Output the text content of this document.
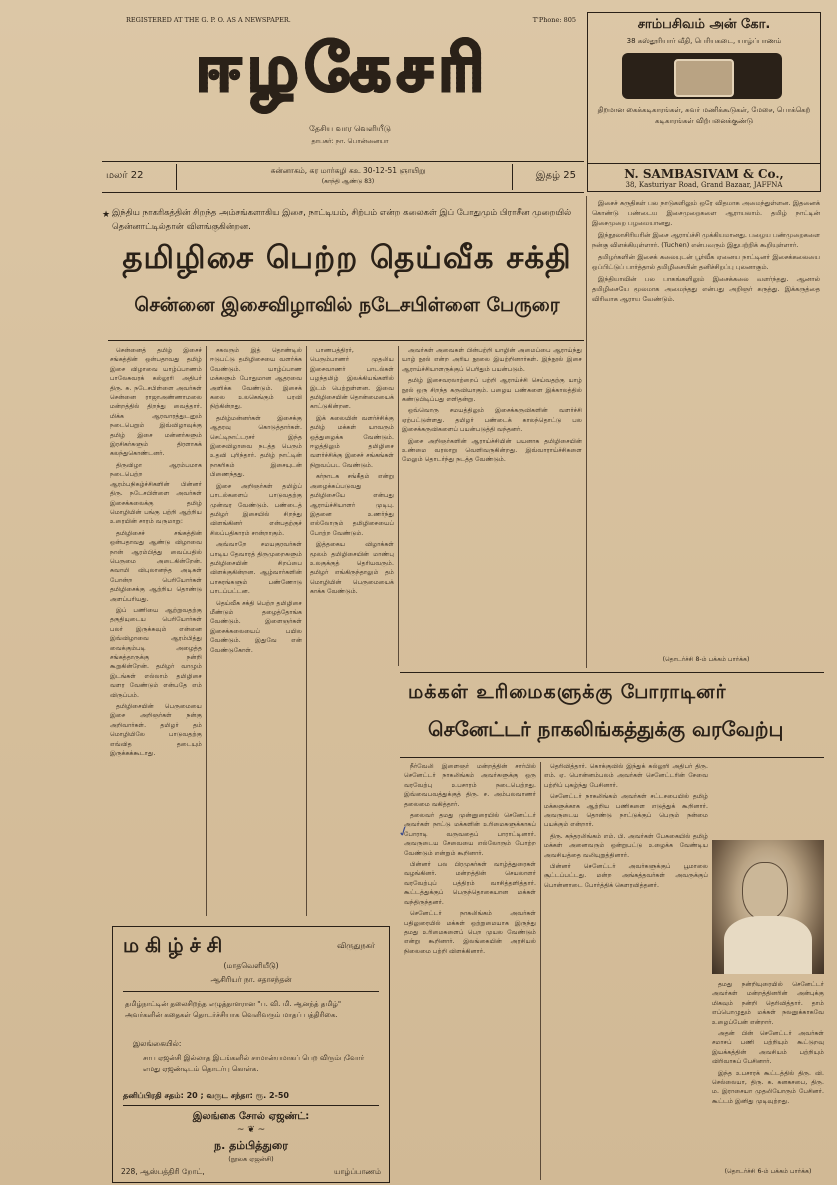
REGISTERED AT THE G. P. O. AS A NEWSPAPER.	T'Phone: 805
ஈழகேசரி
தேசிய வார வெளியீடு
தாபகர்: நா. பொன்னையா
மலர் 22	சுன்னாகம், கர மார்கழி கஉ 30-12-51 ஞாயிறு
(காந்தி ஆண்டு 83)
இதழ் 25
சாம்பசிவம் அன் கோ.
38 கஸ்தூரியார் வீதி, பெரியகடை, யாழ்ப்பாணம்
திறமான கைக்கடிகாரங்கள், சுவர் மணிக்கூடுகள், மேசை, பொக்கெற் கடிகாரங்கள் விற்பனைக்குண்டு
N. SAMBASIVAM & Co.,
38, Kasturiyar Road, Grand Bazaar, JAFFNA
★ இந்திய நாகரிகத்தின் சிறந்த அம்சங்களாகிய இசை, நாட்டியம், சிற்பம் என்ற கலைகள் இப் போதுமும் பிராசீன முறையில் தென்னாட்டில்தான் விளங்குகின்றன.
தமிழிசை பெற்ற தெய்வீக சக்தி
சென்னை இசைவிழாவில் நடேசபிள்ளை பேருரை

சென்னைத் தமிழ் இசைச் சங்கத்தின் ஒன்பதாவது தமிழ் இசை விழாவை யாழ்ப்பாணம் பாலேசுவரக் கல்லூரி அதிபர் திரு. சு. நடேசபிள்ளை அவர்கள் சென்னை ராஜாஅண்ணாமலை மன்றத்தில் திறந்து வைத்தார். மிக்க ஆரவாரத்துடனும் நடைபெறும் இவ்விழாவுக்கு தமிழ் இசை மன்னர்களும் இரசிகர்களும் திரளாகக் கலந்துகொண்டனர்.

திருவிழா ஆரம்பமாக நடைபெற்ற ஆரம்பநிகழ்ச்சிகளின் பின்னர் திரு. நடேசபிள்ளை அவர்கள் இசைக்கலைக்கு தமிழ் மொழியின் பங்கு பற்றி ஆற்றிய உரையின் சாரம் வருமாறு:

தமிழிசைச் சங்கத்தின் ஒன்பதாவது ஆண்டு விழாவை நான் ஆரம்பித்து வைப்பதில் பெருமை அடைகின்றேன். சுவாமி விபுலானந்த அடிகள் போன்ற பெரியோர்கள் தமிழிசைக்கு ஆற்றிய தொண்டு அளப்பரியது.

இப் பணியை ஆற்றுவதற்கு தகுதியுடைய பெரியோர்கள் பலர் இருக்கவும் என்னை இவ்விழாவை ஆரம்பித்து வைக்கும்படி அழைத்த சங்கத்தாருக்கு நன்றி கூறுகின்றேன். தமிழர் வாழும் இடங்கள் எல்லாம் தமிழிசை வளர வேண்டும் என்பதே எம் விருப்பம்.

தமிழிசையின் பெருமையை இசை அறிஞர்கள் நன்கு அறிவார்கள். தமிழர் தம் மொழியிலே பாடுவதற்கு எவ்வித தடையும் இருக்கக்கூடாது.

சகலரும் இத் தொண்டில் ஈடுபட்டு தமிழிசையை வளர்க்க வேண்டும். யாழ்ப்பாண மக்களும் போதுமான ஆதரவை அளிக்க வேண்டும். இசைக் கலை உலகெங்கும் பரவி நிற்கின்றது.

தமிழ்மன்னர்கள் இசைக்கு ஆதரவு கொடுத்தார்கள். செட்டிநாட்டரசர் இந்த இசைவிழாவை நடத்த பெரும் உதவி புரிந்தார். தமிழ் நாட்டின் நாகரிகம் இசையுடன் பிணைந்தது.

இசை அறிஞர்கள் தமிழ்ப் பாடல்களைப் பாடுவதற்கு முன்வர வேண்டும். பண்டைத் தமிழர் இசையில் சிறந்து விளங்கினர் என்பதற்குச் சிலப்பதிகாரம் சான்றாகும்.

அவ்வாறே சமயகுரவர்கள் பாடிய தேவாரத் திருமுறைகளும் தமிழிசையின் சிறப்பை விளக்குகின்றன. ஆழ்வார்களின் பாசுரங்களும் பண்ணோடு பாடப்பட்டன.

தெய்வீக சக்தி பெற்ற தமிழிசை மீண்டும் தழைத்தோங்க வேண்டும். இளைஞர்கள் இசைக்கலையைப் பயில வேண்டும். இதுவே என் வேண்டுகோள்.

பாணபத்திரர், பெரும்பாணர் முதலிய இசைவாணர் பாடல்கள் பழந்தமிழ் இலக்கியங்களில் இடம் பெற்றுள்ளன. இவை தமிழிசையின் தொன்மையைக் காட்டுகின்றன.

இக் கலையின் வளர்ச்சிக்கு தமிழ் மக்கள் யாவரும் ஒத்துழைக்க வேண்டும். ஈழத்திலும் தமிழிசை வளர்ச்சிக்கு இசைச் சங்கங்கள் நிறுவப்பட வேண்டும்.

கர்நாடக சங்கீதம் என்று அழைக்கப்படுவது தமிழிசையே என்பது ஆராய்ச்சியாளர் முடிபு. இதனை உணர்ந்து எல்லோரும் தமிழிசையைப் போற்ற வேண்டும்.

இத்தகைய விழாக்கள் மூலம் தமிழிசையின் மாண்பு உலகுக்குத் தெரியவரும். தமிழர் எங்கிருந்தாலும் தம் மொழியின் பெருமையைக் காக்க வேண்டும்.

அவர்கள் அவைகள் பின்பற்றி யாழின் அமைப்பை ஆராய்ந்து யாழ் நூல் என்ற அரிய நூலை இயற்றினார்கள். இந்நூல் இசை ஆராய்ச்சியாளருக்குப் பெரிதும் பயன்படும்.

தமிழ் இசைவரலாற்றைப் பற்றி ஆராய்ச்சி செய்வதற்கு யாழ் நூல் ஒரு சிறந்த கருவியாகும். பழைய பண்களை இக்காலத்தில் கண்டுபிடிப்பது எளிதன்று.

ஒவ்வொரு சமயத்திலும் இசைக்கருவிகளின் வளர்ச்சி ஏற்பட்டுள்ளது. தமிழர் பண்டைக் காலந்தொட்டு பல இசைக்கருவிகளைப் பயன்படுத்தி வந்தனர்.

இசை அறிஞர்களின் ஆராய்ச்சியின் பயனாக தமிழிசையின் உண்மை வரலாறு வெளிவருகின்றது. இவ்வாராய்ச்சிகளை மேலும் தொடர்ந்து நடத்த வேண்டும்.

இசைச் சுருதிகள் பல நாடுகளிலும் ஒரே விதமாக அமைந்துள்ளன. இதனைக் கொண்டு பண்டைய இசைமுறைகளை ஆராயலாம். தமிழ் நாட்டின் இசைமுறை பழமையானது.

இந்நூலாசிரியரின் இசை ஆராய்ச்சி முக்கியமானது. பழைய பண்முறைகளை நன்கு விளக்கியுள்ளார். (Tuchen) என்பவரும் இதுபற்றிக் கூறியுள்ளார்.

தமிழர்களின் இசைக் கலையுடன் பூர்வீக ஏனைய நாட்டினர் இசைக்கலையை ஒப்பிட்டுப் பார்த்தால் தமிழிசையின் தனிச்சிறப்பு புலனாகும்.

இந்தியாவின் பல பாகங்களிலும் இசைக்கலை வளர்ந்தது. ஆனால் தமிழிசையே மூலமாக அமைந்தது என்பது அறிஞர் கருத்து. இக்கருத்தை விரிவாக ஆராய வேண்டும்.

(தொடர்ச்சி 8-ம் பக்கம் பார்க்க)
மக்கள் உரிமைகளுக்கு போராடினர்
செனேட்டர் நாகலிங்கத்துக்கு வரவேற்பு
✓

நீர்வேலி இளைஞர் மன்றத்தின் சார்பில் செனேட்டர் நாகலிங்கம் அவர்களுக்கு ஒரு வரவேற்பு உபசாரம் நடைபெற்றது. இவ்வைபவத்துக்குத் திரு. ச. அம்பலவாணர் தலைமை வகித்தார்.

தலைவர் தமது முன்னுரையில் செனேட்டர் அவர்கள் நாட்டு மக்களின் உரிமைகளுக்காகப் போராடி வருவதைப் பாராட்டினார். அவருடைய சேவையை எல்லோரும் போற்ற வேண்டும் என்றும் கூறினார்.

பின்னர் பல பிரமுகர்கள் வாழ்த்துரைகள் வழங்கினர். மன்றத்தின் செயலாளர் வரவேற்புப் பத்திரம் வாசித்தளித்தார். கூட்டத்துக்குப் பெருந்தொகையான மக்கள் வந்திருந்தனர்.

செனேட்டர் நாகலிங்கம் அவர்கள் பதிலுரையில் மக்கள் ஒற்றுமையாக இருந்து தமது உரிமைகளைப் பெற முயல வேண்டும் என்று கூறினார். இலங்கையின் அரசியல் நிலைமை பற்றி விளக்கினார்.

தெரிவித்தார். கொக்குவில் இந்துக் கல்லூரி அதிபர் திரு. எம். ஏ. பொன்னம்பலம் அவர்கள் செனேட்டரின் சேவை பற்றிப் புகழ்ந்து பேசினார்.

செனேட்டர் நாகலிங்கம் அவர்கள் சட்டசபையில் தமிழ் மக்களுக்காக ஆற்றிய பணிகளை எடுத்துக் கூறினார். அவருடைய தொண்டு நாட்டுக்குப் பெரும் நன்மை பயக்கும் என்றார்.

திரு. சுந்தரலிங்கம் எம். பி. அவர்கள் பேசுகையில் தமிழ் மக்கள் அனைவரும் ஒன்றுபட்டு உழைக்க வேண்டிய அவசியத்தை வலியுறுத்தினார்.

பின்னர் செனேட்டர் அவர்களுக்குப் பூமாலை சூட்டப்பட்டது. மன்ற அங்கத்தவர்கள் அவருக்குப் பொன்னாடை போர்த்திக் கௌரவித்தனர்.

தமது நன்றியுரையில் செனேட்டர் அவர்கள் மன்றத்தினரின் அன்புக்கு மிகவும் நன்றி தெரிவித்தார். தாம் எப்பொழுதும் மக்கள் நலனுக்காகவே உழைப்பேன் என்றார்.

அதன் பின் செனேட்டர் அவர்கள் சமாசப் பணி பற்றியும் கூட்டுறவு இயக்கத்தின் அவசியம் பற்றியும் விரிவாகப் பேசினார்.

இந்த உபசாரக் கூட்டத்தில் திரு. வி. செல்லையா, திரு. க. கனகசபை, திரு. ம. இராசையா முதலியோரும் பேசினர். கூட்டம் இனிது முடிவுற்றது.

(தொடர்ச்சி 6-ம் பக்கம் பார்க்க)
மகிழ்ச்சி	விருதுநகர்
(மாதவெளியீடு)
ஆசிரியர் நா. சதாசந்தன்
தமிழ்நாட்டின் தலைசிறந்த எழுத்தாளரான "ப. வி. மி. ஆனந்த் தமிழ்" அவர்களின் கதைகள் தொடர்ச்சியாக வெளிவரும் மாதப் பத்திரிகை.
இலங்கையில்:
சாப ஏஜன்சி இல்லாத இடங்களில் சாமான்யமாகப் பெற விரும்புவோர் எமது ஏஜண்டிடம் தொடர்பு கொள்க.
தனிப்பிரதி சதம்: 20 ; வருட சந்தா: ரூ. 2-50
இலங்கை சோல் ஏஜண்ட்:
~ ❦ ~
ந. தம்பித்துரை
(நூலக ஏஜன்சி)
228, ஆஸ்பத்திரி றோட்,	யாழ்ப்பாணம்
